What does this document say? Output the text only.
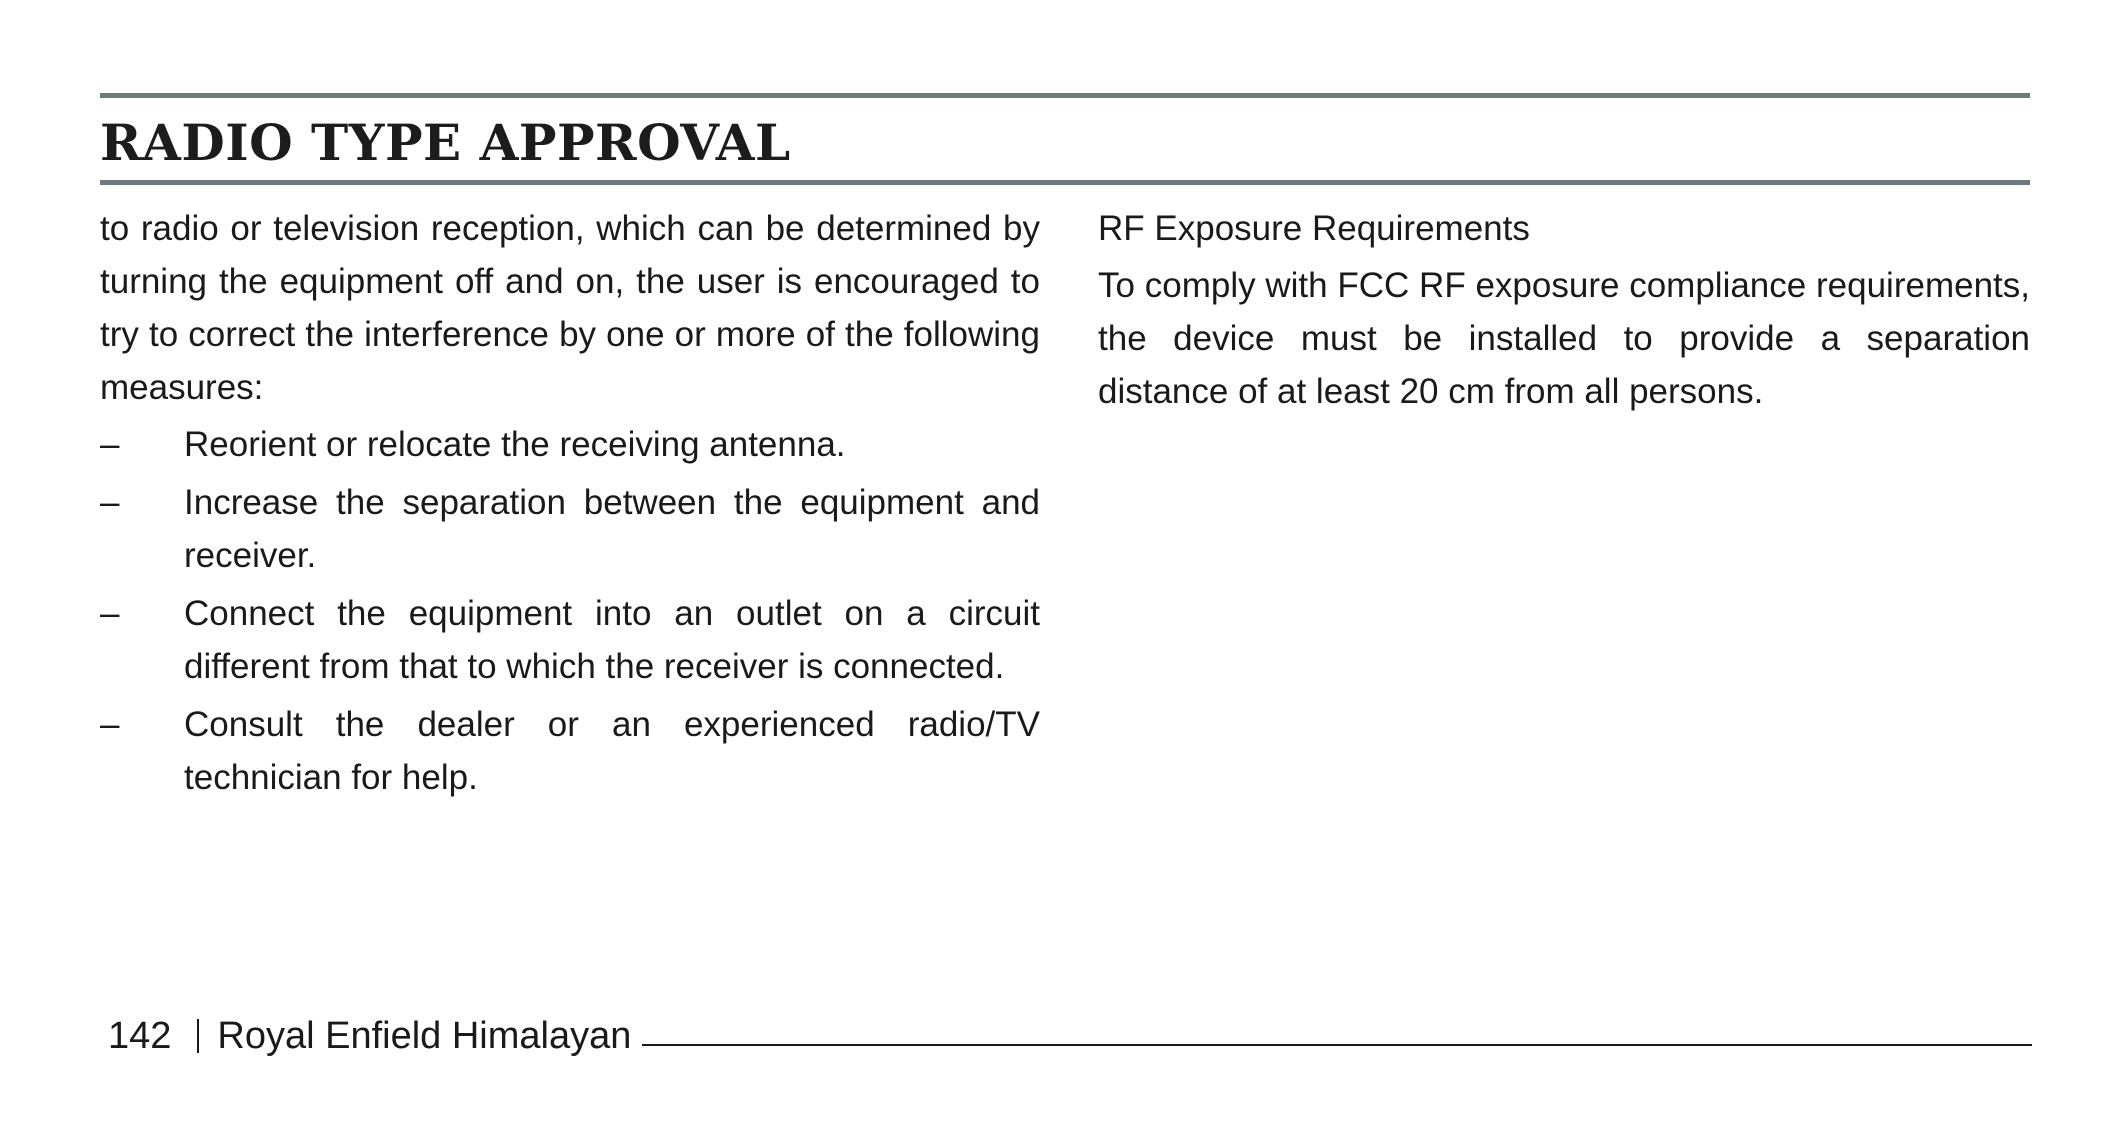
RADIO TYPE APPROVAL

to radio or television reception, which can be determined by turning the equipment off and on, the user is encouraged to try to correct the interference by one or more of the following measures:

– Reorient or relocate the receiving antenna.
– Increase the separation between the equipment and receiver.
– Connect the equipment into an outlet on a circuit different from that to which the receiver is connected.
– Consult the dealer or an experienced radio/TV technician for help.

RF Exposure Requirements

To comply with FCC RF exposure compliance requirements, the device must be installed to provide a separation distance of at least 20 cm from all persons.

142 Royal Enfield Himalayan
